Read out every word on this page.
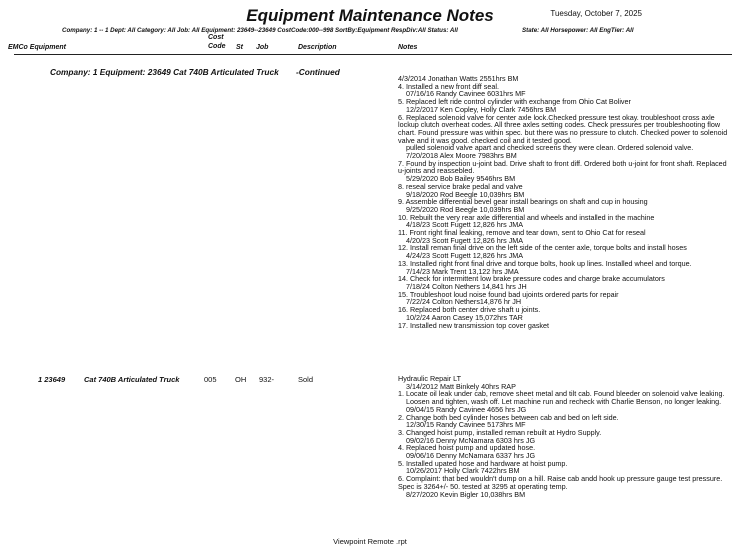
Equipment Maintenance Notes	Tuesday, October 7, 2025
Company: 1 -- 1 Dept: All Category: All Job: All Equipment: 23649--23649 CostCode:000--998 SortBy:Equipment RespDiv:All Status: All	State: All Horsepower: All EngTier: All
EMCo Equipment
Cost Code	St Job	Description	Notes
Company: 1 Equipment: 23649 Cat 740B Articulated Truck -Continued
4/3/2014 Jonathan Watts 2551hrs BM
4. Installed a new front diff seal.
07/16/16 Randy Cavinee 6031hrs MF
5. Replaced left ride control cylinder with exchange from Ohio Cat Boliver
12/2/2017 Ken Copley, Holly Clark 7456hrs BM
6. Replaced solenoid valve for center axle lock.Checked pressure test okay. troubleshoot cross axle lockup clutch overheat codes. All three axles setting codes. Check pressures per troubleshooting flow chart. Found pressure was within spec. but there was no pressure to clutch. Checked power to solenoid valve and it was good. checked coil and it tested good.
pulled solenoid valve apart and checked screens they were clean. Ordered solenoid valve.
7/20/2018 Alex Moore 7983hrs BM
7. Found by inspection u-joint bad. Drive shaft to front diff. Ordered both u-joint for front shaft. Replaced u-joints and reassebled.
5/29/2020 Bob Bailey 9546hrs BM
8. reseal service brake pedal and valve
9/18/2020 Rod Beegle 10,039hrs BM
9. Assemble differential bevel gear install bearings on shaft and cup in housing
9/25/2020 Rod Beegle 10,039hrs BM
10. Rebuilt the very rear axle differential and wheels and installed in the machine
4/18/23 Scott Fugett 12,826 hrs JMA
11. Front right final leaking, remove and tear down, sent to Ohio Cat for reseal
4/20/23 Scott Fugett 12,826 hrs JMA
12. Install reman final drive on the left side of the center axle, torque bolts and install hoses
4/24/23 Scott Fugett 12,826 hrs JMA
13. Installed right front final drive and torque bolts, hook up lines. Installed wheel and torque.
7/14/23 Mark Trent 13,122 hrs JMA
14. Check for intermittent low brake pressure codes and charge brake accumulators
7/18/24 Colton Nethers 14,841 hrs JH
15. Troubleshoot loud noise found bad ujoints ordered parts for repair
7/22/24 Colton Nethers14,876 hr JH
16. Replaced both center drive shaft u joints.
10/2/24 Aaron Casey 15,072hrs TAR
17. Installed new transmission top cover gasket
1 23649	Cat 740B Articulated Truck	005 OH 932-	Sold	Hydraulic Repair LT
3/14/2012 Matt Binkely 40hrs RAP
1. Locate oil leak under cab, remove sheet metal and tilt cab. Found bleeder on solenoid valve leaking.
Loosen and tighten, wash off. Let machine run and recheck with Charlie Benson, no longer leaking.
09/04/15 Randy Cavinee 4656 hrs JG
2. Change both bed cylinder hoses between cab and bed on left side.
12/30/15 Randy Cavinee 5173hrs MF
3. Changed hoist pump, installed reman rebuilt at Hydro Supply.
09/02/16 Denny McNamara 6303 hrs JG
4. Replaced hoist pump and updated hose.
09/06/16 Denny McNamara 6337 hrs JG
5. Installed upated hose and hardware at hoist pump.
10/26/2017 Holly Clark 7422hrs BM
6. Complaint: that bed wouldn't dump on a hill. Raise cab andd hook up pressure gauge test pressure. Spec is 3264+/- 50. tested at 3295 at operating temp.
8/27/2020 Kevin Bigler 10,038hrs BM
Viewpoint Remote .rpt
